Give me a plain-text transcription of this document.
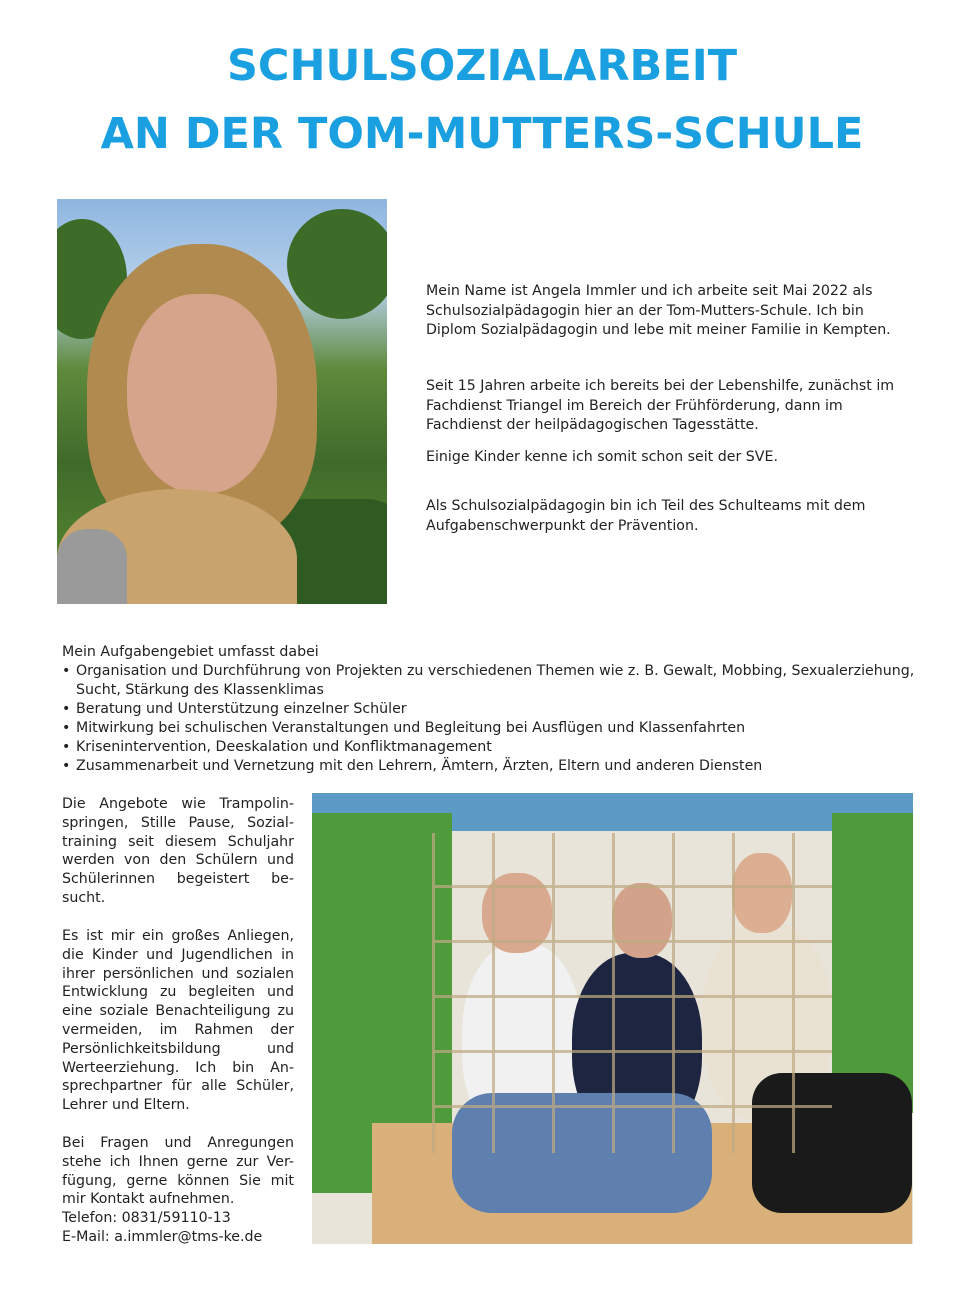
SCHULSOZIALARBEIT
AN DER TOM-MUTTERS-SCHULE

Mein Name ist Angela Immler und ich arbeite seit Mai 2022 als Schulsozialpädagogin hier an der Tom-Mutters-Schule. Ich bin Diplom Sozialpädagogin und lebe mit meiner Familie in Kempten.

Seit 15 Jahren arbeite ich bereits bei der Lebenshilfe, zunächst im Fachdienst Triangel im Bereich der Frühförderung, dann im Fachdienst der heilpädagogischen Tagesstätte.

Einige Kinder kenne ich somit schon seit der SVE.

Als Schulsozialpädagogin bin ich Teil des Schulteams mit dem Aufgabenschwerpunkt der Prävention.

Mein Aufgabengebiet umfasst dabei
• Organisation und Durchführung von Projekten zu verschiedenen Themen wie z. B. Gewalt, Mobbing, Sexualerziehung, Sucht, Stärkung des Klassenklimas
• Beratung und Unterstützung einzelner Schüler
• Mitwirkung bei schulischen Veranstaltungen und Begleitung bei Ausflügen und Klassenfahrten
• Krisenintervention, Deeskalation und Konfliktmanagement
• Zusammenarbeit und Vernetzung mit den Lehrern, Ämtern, Ärzten, Eltern und anderen Diensten

Die Angebote wie Trampolin-springen, Stille Pause, Sozial-training seit diesem Schuljahr werden von den Schülern und Schülerinnen begeistert be-sucht.

Es ist mir ein großes Anliegen, die Kinder und Jugendlichen in ihrer persönlichen und sozialen Entwicklung zu begleiten und eine soziale Benachteiligung zu vermeiden, im Rahmen der Persönlichkeitsbildung und Werteerziehung. Ich bin An-sprechpartner für alle Schüler, Lehrer und Eltern.

Bei Fragen und Anregungen stehe ich Ihnen gerne zur Ver-fügung, gerne können Sie mit mir Kontakt aufnehmen.

Telefon: 0831/59110-13

E-Mail: a.immler@tms-ke.de
